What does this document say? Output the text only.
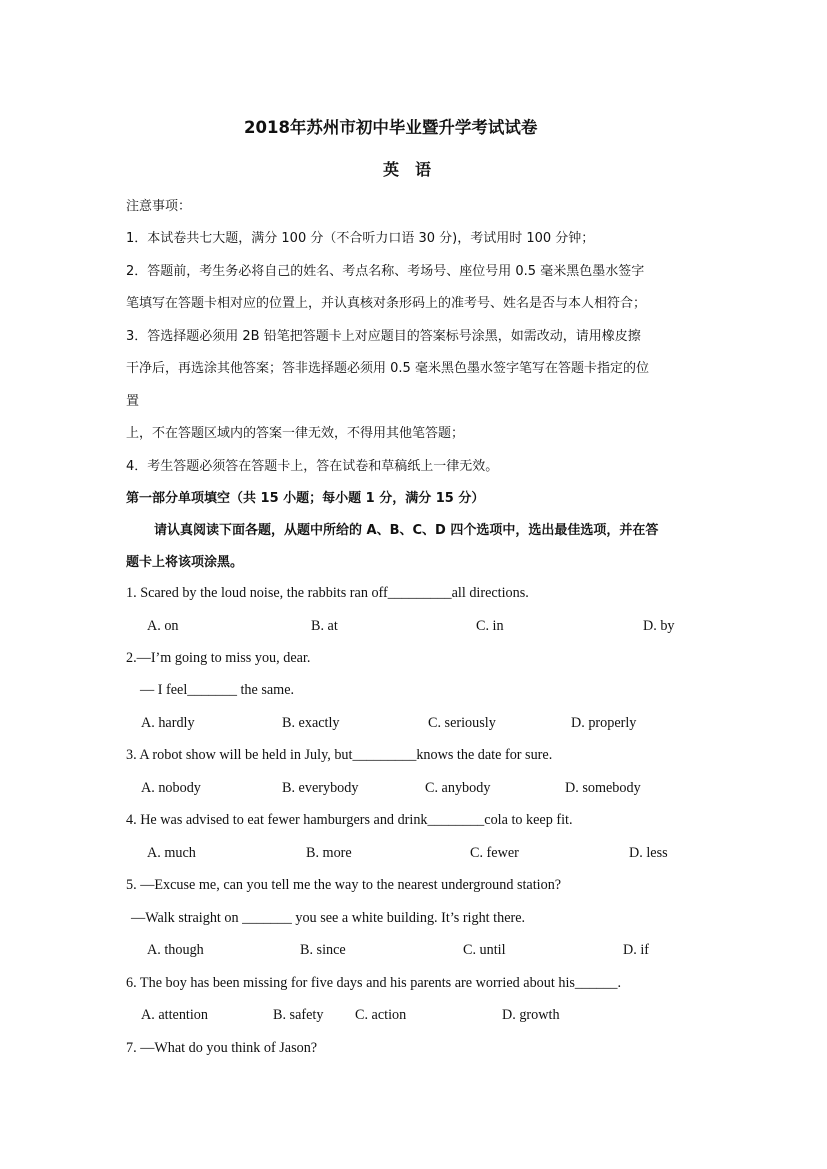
2018年苏州市初中毕业暨升学考试试卷
英　语
注意事项：
1．本试卷共七大题，满分 100 分（不合听力口语 30 分)，考试用时 100 分钟；
2．答题前，考生务必将自己的姓名、考点名称、考场号、座位号用 0.5 毫米黑色墨水签字
笔填写在答题卡相对应的位置上，并认真核对条形码上的准考号、姓名是否与本人相符合；
3．答选择题必须用 2B 铅笔把答题卡上对应题目的答案标号涂黑，如需改动，请用橡皮擦
干净后，再选涂其他答案；答非选择题必须用 0.5 毫米黑色墨水签字笔写在答题卡指定的位
置
上，不在答题区域内的答案一律无效，不得用其他笔答题；
4．考生答题必须答在答题卡上，答在试卷和草稿纸上一律无效。
第一部分单项填空（共 15 小题；每小题 1 分，满分 15 分）
请认真阅读下面各题，从题中所给的 A、B、C、D 四个选项中，选出最佳选项，并在答
题卡上将该项涂黑。
1. Scared by the loud noise, the rabbits ran off_________all directions.
A. on	B. at	C. in	D. by
2.—I’m going to miss you, dear.
— I feel_______ the same.
A. hardly	B. exactly	C. seriously	D. properly
3. A robot show will be held in July, but_________knows the date for sure.
A. nobody	B. everybody	C. anybody	D. somebody
4. He was advised to eat fewer hamburgers and drink________cola to keep fit.
A. much	B. more	C. fewer	D. less
5. —Excuse me, can you tell me the way to the nearest underground station?
—Walk straight on _______ you see a white building. It’s right there.
A. though	B. since	C. until	D. if
6. The boy has been missing for five days and his parents are worried about his______.
A. attention	B. safety C. action	D. growth
7. —What do you think of Jason?
